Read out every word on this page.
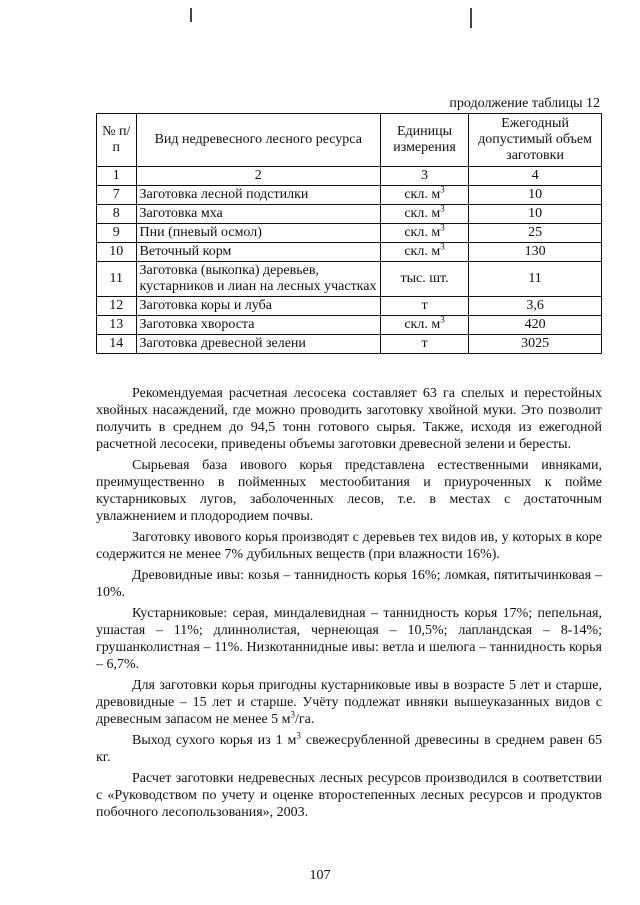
продолжение таблицы 12
№ п/п	Вид недревесного лесного ресурса	Единицы измерения	Ежегодный допустимый объем заготовки
1	2	3	4
7	Заготовка лесной подстилки	скл. $м^3$	10
8	Заготовка мха	скл. $м^3$	10
9	Пни (пневый осмол)	скл. $м^3$	25
10	Веточный корм	скл. $м^3$	130
11	Заготовка (выкопка) деревьев, кустарников и лиан на лесных участках	тыс. шт.	11
12	Заготовка коры и луба	т	3,6
13	Заготовка хвороста	скл. $м^3$	420
14	Заготовка древесной зелени	т	3025

Рекомендуемая расчетная лесосека составляет 63 га спелых и перестойных хвойных насаждений, где можно проводить заготовку хвойной муки. Это позволит получить в среднем до 94,5 тонн готового сырья. Также, исходя из ежегодной расчетной лесосеки, приведены объемы заготовки древесной зелени и бересты.

Сырьевая база ивового корья представлена естественными ивняками, преимущественно в пойменных местообитания и приуроченных к пойме кустарниковых лугов, заболоченных лесов, т.е. в местах с достаточным увлажнением и плодородием почвы.

Заготовку ивового корья производят с деревьев тех видов ив, у которых в коре содержится не менее 7% дубильных веществ (при влажности 16%).

Древовидные ивы: козья – таннидность корья 16%; ломкая, пятитычинковая – 10%.

Кустарниковые: серая, миндалевидная – таннидность корья 17%; пепельная, ушастая – 11%; длиннолистая, чернеющая – 10,5%; лапландская – 8-14%; грушанколистная – 11%. Низкотаннидные ивы: ветла и шелюга – таннидность корья – 6,7%.

Для заготовки корья пригодны кустарниковые ивы в возрасте 5 лет и старше, древовидные – 15 лет и старше. Учёту подлежат ивняки вышеуказанных видов с древесным запасом не менее 5 $м^3/га$.

Выход сухого корья из 1 $м^3$ свежесрубленной древесины в среднем равен 65 кг.

Расчет заготовки недревесных лесных ресурсов производился в соответствии с «Руководством по учету и оценке второстепенных лесных ресурсов и продуктов побочного лесопользования», 2003.

107
